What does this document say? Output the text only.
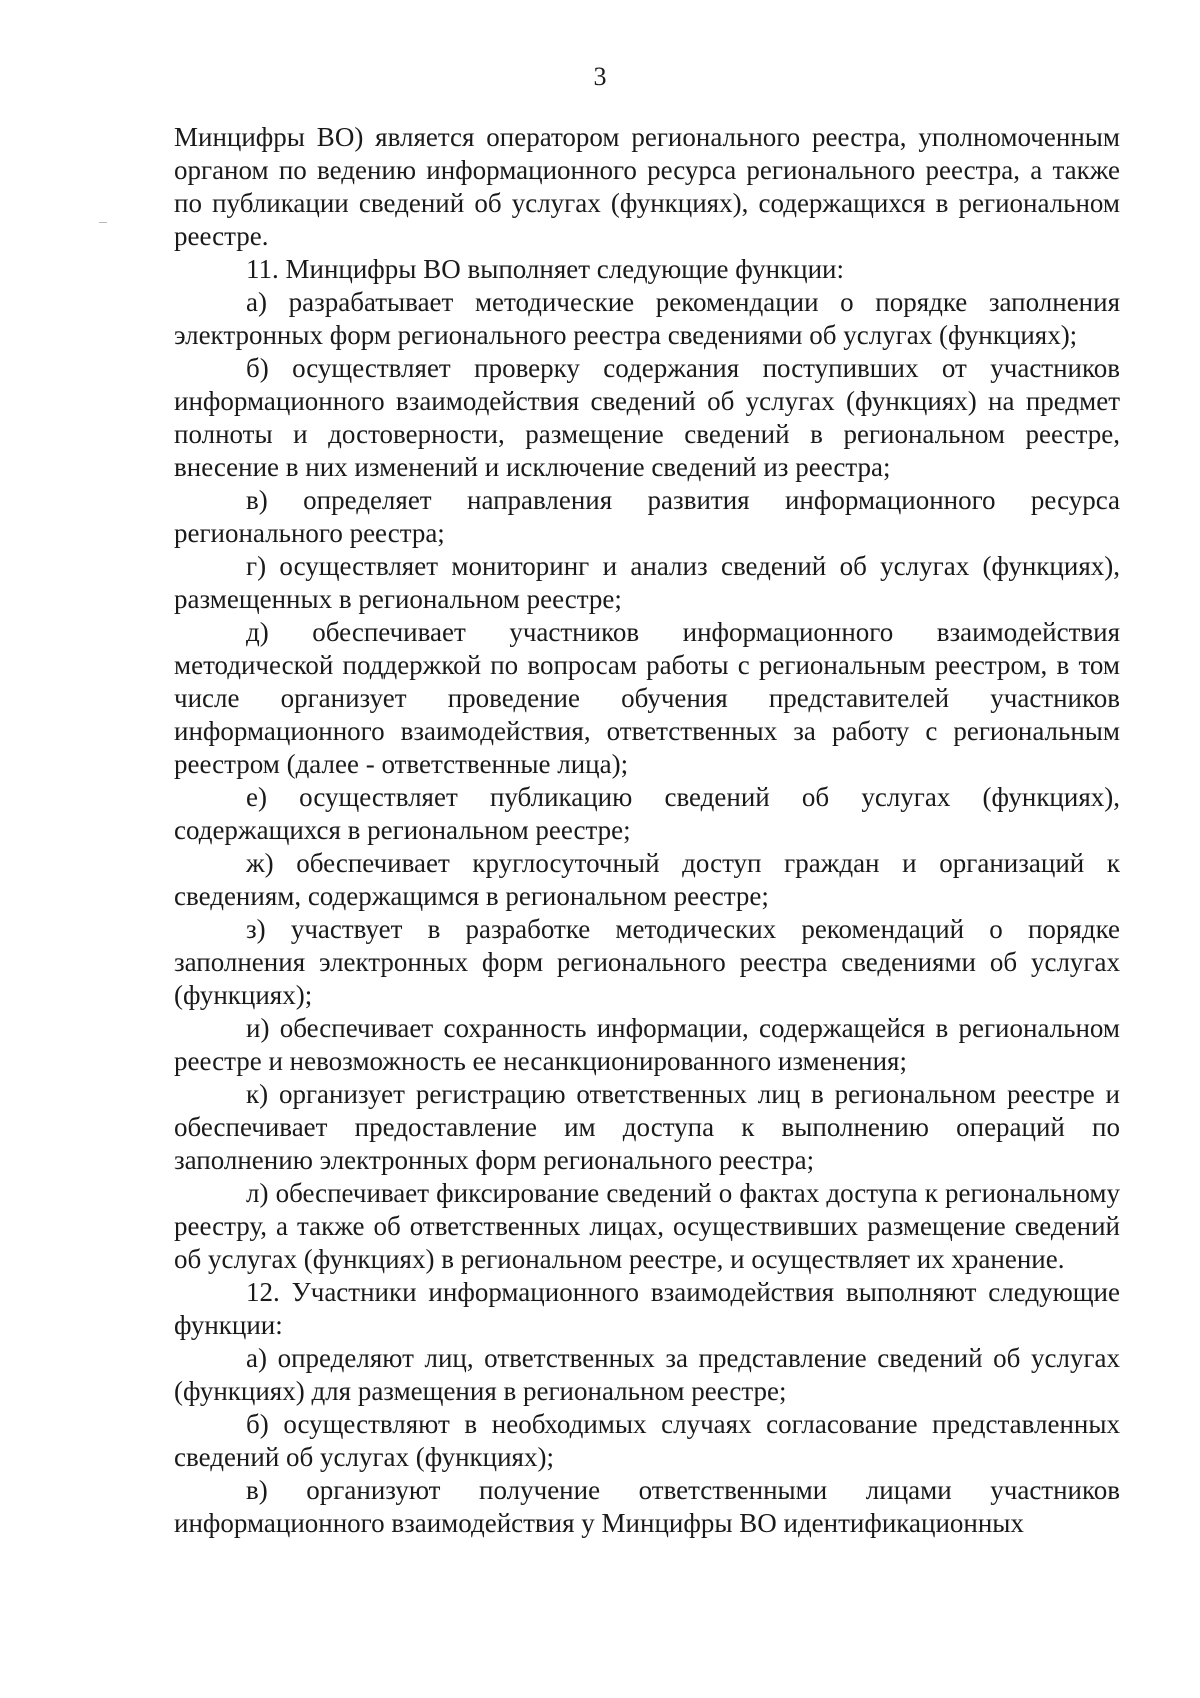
3

Минцифры ВО) является оператором регионального реестра, уполномоченным органом по ведению информационного ресурса регионального реестра, а также по публикации сведений об услугах (функциях), содержащихся в региональном реестре.

11. Минцифры ВО выполняет следующие функции:

а) разрабатывает методические рекомендации о порядке заполнения электронных форм регионального реестра сведениями об услугах (функциях);

б) осуществляет проверку содержания поступивших от участников информационного взаимодействия сведений об услугах (функциях) на предмет полноты и достоверности, размещение сведений в региональном реестре, внесение в них изменений и исключение сведений из реестра;

в) определяет направления развития информационного ресурса регионального реестра;

г) осуществляет мониторинг и анализ сведений об услугах (функциях), размещенных в региональном реестре;

д) обеспечивает участников информационного взаимодействия методической поддержкой по вопросам работы с региональным реестром, в том числе организует проведение обучения представителей участников информационного взаимодействия, ответственных за работу с региональным реестром (далее - ответственные лица);

е) осуществляет публикацию сведений об услугах (функциях), содержащихся в региональном реестре;

ж) обеспечивает круглосуточный доступ граждан и организаций к сведениям, содержащимся в региональном реестре;

з) участвует в разработке методических рекомендаций о порядке заполнения электронных форм регионального реестра сведениями об услугах (функциях);

и) обеспечивает сохранность информации, содержащейся в региональном реестре и невозможность ее несанкционированного изменения;

к) организует регистрацию ответственных лиц в региональном реестре и обеспечивает предоставление им доступа к выполнению операций по заполнению электронных форм регионального реестра;

л) обеспечивает фиксирование сведений о фактах доступа к региональному реестру, а также об ответственных лицах, осуществивших размещение сведений об услугах (функциях) в региональном реестре, и осуществляет их хранение.

12. Участники информационного взаимодействия выполняют следующие функции:

а) определяют лиц, ответственных за представление сведений об услугах (функциях) для размещения в региональном реестре;

б) осуществляют в необходимых случаях согласование представленных сведений об услугах (функциях);

в) организуют получение ответственными лицами участников информационного взаимодействия у Минцифры ВО идентификационных
